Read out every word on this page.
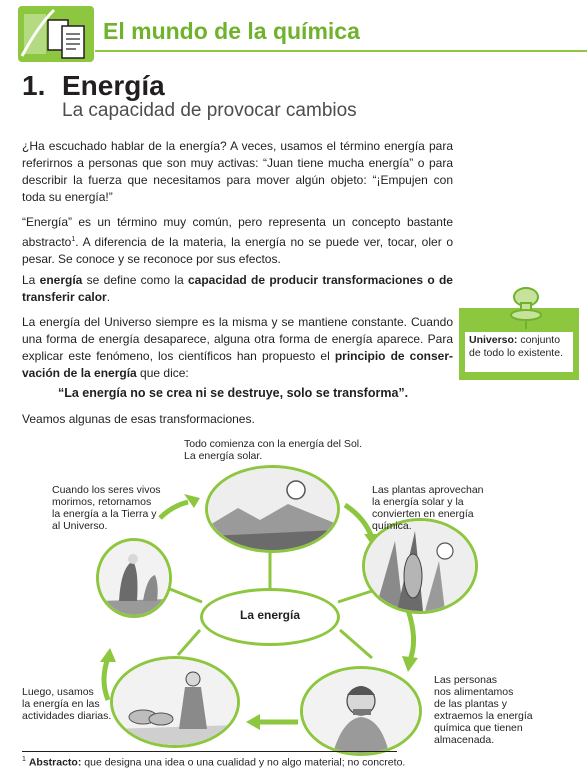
El mundo de la química
1. Energía
La capacidad de provocar cambios
¿Ha escuchado hablar de la energía? A veces, usamos el término energía para referirnos a personas que son muy activas: “Juan tiene mucha energía” o para describir la fuerza que necesitamos para mover algún objeto: “¡Empujen con toda su energía!”
“Energía” es un término muy común, pero representa un concepto bastante abstracto$^1$. A diferencia de la materia, la energía no se puede ver, tocar, oler o pesar. Se conoce y se reconoce por sus efectos.
La energía se define como la capacidad de producir transformaciones o de transferir calor.
La energía del Universo siempre es la misma y se mantiene constante. Cuando una forma de energía desaparece, alguna otra forma de energía aparece. Para explicar este fenómeno, los científicos han propuesto el principio de conser- vación de la energía que dice:
“La energía no se crea ni se destruye, solo se transforma”.
Veamos algunas de esas transformaciones.
Universo: conjunto de todo lo existente.
La energía
Todo comienza con la energía del Sol.
La energía solar.
Las plantas aprovechan
la energía solar y la
convierten en energía
química.
Las personas
nos alimentamos
de las plantas y
extraemos la energía
química que tienen
almacenada.
Luego, usamos
la energía en las
actividades diarias.
Cuando los seres vivos
morimos, retornamos
la energía a la Tierra y
al Universo.
$^1$ Abstracto: que designa una idea o una cualidad y no algo material; no concreto.
